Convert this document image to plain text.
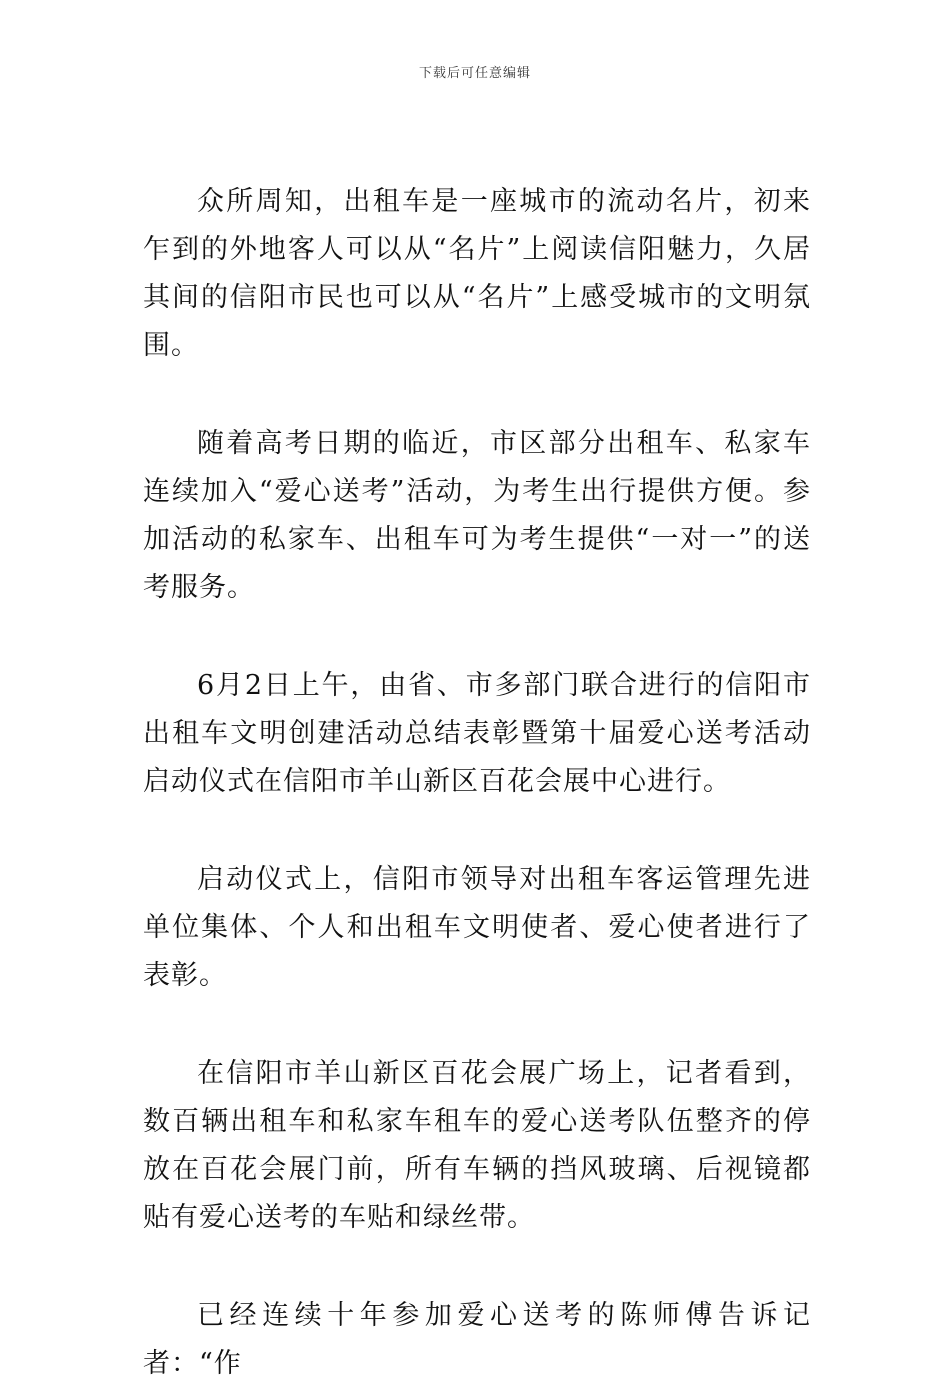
下载后可任意编辑

众所周知，出租车是一座城市的流动名片，初来乍到的外地客人可以从“名片”上阅读信阳魅力，久居其间的信阳市民也可以从“名片”上感受城市的文明氛围。

随着高考日期的临近，市区部分出租车、私家车连续加入“爱心送考”活动，为考生出行提供方便。参加活动的私家车、出租车可为考生提供“一对一”的送考服务。

6月2日上午，由省、市多部门联合进行的信阳市出租车文明创建活动总结表彰暨第十届爱心送考活动启动仪式在信阳市羊山新区百花会展中心进行。

启动仪式上，信阳市领导对出租车客运管理先进单位集体、个人和出租车文明使者、爱心使者进行了表彰。

在信阳市羊山新区百花会展广场上，记者看到，数百辆出租车和私家车租车的爱心送考队伍整齐的停放在百花会展门前，所有车辆的挡风玻璃、后视镜都贴有爱心送考的车贴和绿丝带。

已经连续十年参加爱心送考的陈师傅告诉记者：“作
